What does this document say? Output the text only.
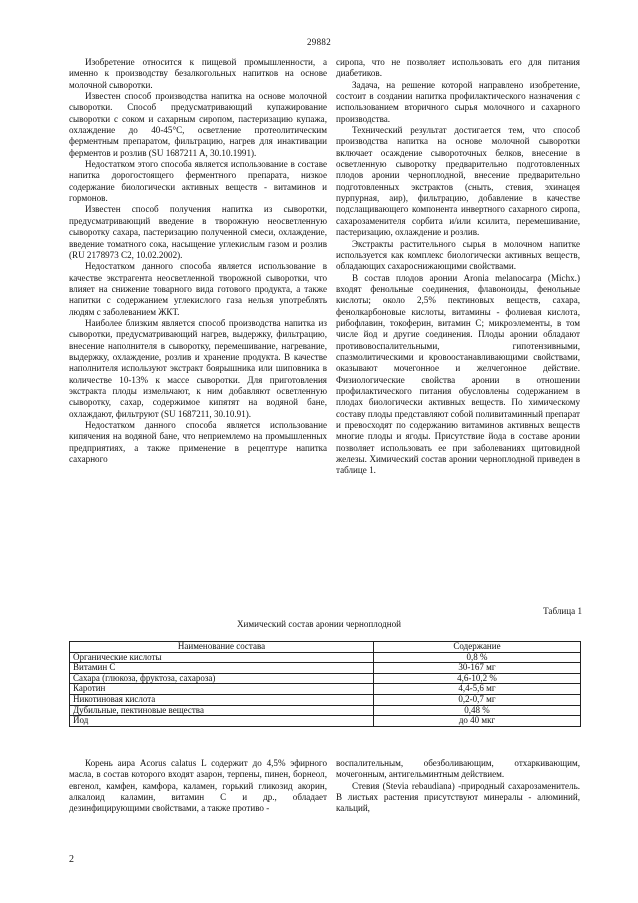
29882

Изобретение относится к пищевой промышленности, а именно к производству безалкогольных напитков на основе молочной сыворотки.

Известен способ производства напитка на основе молочной сыворотки. Способ предусматривающий купажирование сыворотки с соком и сахарным сиропом, пастеризацию купажа, охлаждение до 40-45°С, осветление протеолитическим ферментным препаратом, фильтрацию, нагрев для инактивации ферментов и розлив (SU 1687211 A, 30.10.1991).

Недостатком этого способа является использование в составе напитка дорогостоящего ферментного препарата, низкое содержание биологически активных веществ - витаминов и гормонов.

Известен способ получения напитка из сыворотки, предусматривающий введение в творожную неосветленную сыворотку сахара, пастеризацию полученной смеси, охлаждение, введение томатного сока, насыщение углекислым газом и розлив (RU 2178973 С2, 10.02.2002).

Недостатком данного способа является использование в качестве экстрагента неосветленной творожной сыворотки, что влияет на снижение товарного вида готового продукта, а также напитки с содержанием углекислого газа нельзя употреблять людям с заболеванием ЖКТ.

Наиболее близким является способ производства напитка из сыворотки, предусматривающий нагрев, выдержку, фильтрацию, внесение наполнителя в сыворотку, перемешивание, нагревание, выдержку, охлаждение, розлив и хранение продукта. В качестве наполнителя используют экстракт боярышника или шиповника в количестве 10-13% к массе сыворотки. Для приготовления экстракта плоды измельчают, к ним добавляют осветленную сыворотку, сахар, содержимое кипятят на водяной бане, охлаждают, фильтруют (SU 1687211, 30.10.91).

Недостатком данного способа является использование кипячения на водяной бане, что неприемлемо на промышленных предприятиях, а также применение в рецептуре напитка сахарного

сиропа, что не позволяет использовать его для питания диабетиков.

Задача, на решение которой направлено изобретение, состоит в создании напитка профилактического назначения с использованием вторичного сырья молочного и сахарного производства.

Технический результат достигается тем, что способ производства напитка на основе молочной сыворотки включает осаждение сывороточных белков, внесение в осветленную сыворотку предварительно подготовленных плодов аронии черноплодной, внесение предварительно подготовленных экстрактов (сныть, стевия, эхинацея пурпурная, аир), фильтрацию, добавление в качестве подслащивающего компонента инвертного сахарного сиропа, сахарозаменителя сорбита и/или ксилита, перемешивание, пастеризацию, охлаждение и розлив.

Экстракты растительного сырья в молочном напитке используется как комплекс биологически активных веществ, обладающих сахароснижающими свойствами.

В состав плодов аронии Aronia melanocarpa (Michx.) входят фенольные соединения, флавоноиды, фенольные кислоты; около 2,5% пектиновых веществ, сахара, фенолкарбоновые кислоты, витамины - фолиевая кислота, рибофлавин, токоферин, витамин С; микроэлементы, в том числе йод и другие соединения. Плоды аронии обладают противовоспалительными, гипотензивными, спазмолитическими и кровоостанавливающими свойствами, оказывают мочегонное и желчегонное действие. Физиологические свойства аронии в отношении профилактического питания обусловлены содержанием в плодах биологически активных веществ. По химическому составу плоды представляют собой поливитаминный препарат и превосходят по содержанию витаминов активных веществ многие плоды и ягоды. Присутствие йода в составе аронии позволяет использовать ее при заболеваниях щитовидной железы. Химический состав аронии черноплодной приведен в таблице 1.

Таблица 1
Химический состав аронии черноплодной
Наименование состава	Содержание
Органические кислоты	0,8 %
Витамин С	30-167 мг
Сахара (глюкоза, фруктоза, сахароза)	4,6-10,2 %
Каротин	4,4-5,6 мг
Никотиновая кислота	0,2-0,7 мг
Дубильные, пектиновые вещества	0,48 %
Йод	до 40 мкг

Корень аира Acorus calatus L содержит до 4,5% эфирного масла, в состав которого входят азарон, терпены, пинен, борнеол, евгенол, камфен, камфора, каламен, горький гликозид акорин, алкалоид каламин, витамин С и др., обладает дезинфицирующими свойствами, а также противо -

воспалительным, обезболивающим, отхаркивающим, мочегонным, антигельминтным действием.

Стевия (Stevia rebaudiana) -природный сахарозаменитель. В листьях растения присутствуют минералы - алюминий, кальций,

2
